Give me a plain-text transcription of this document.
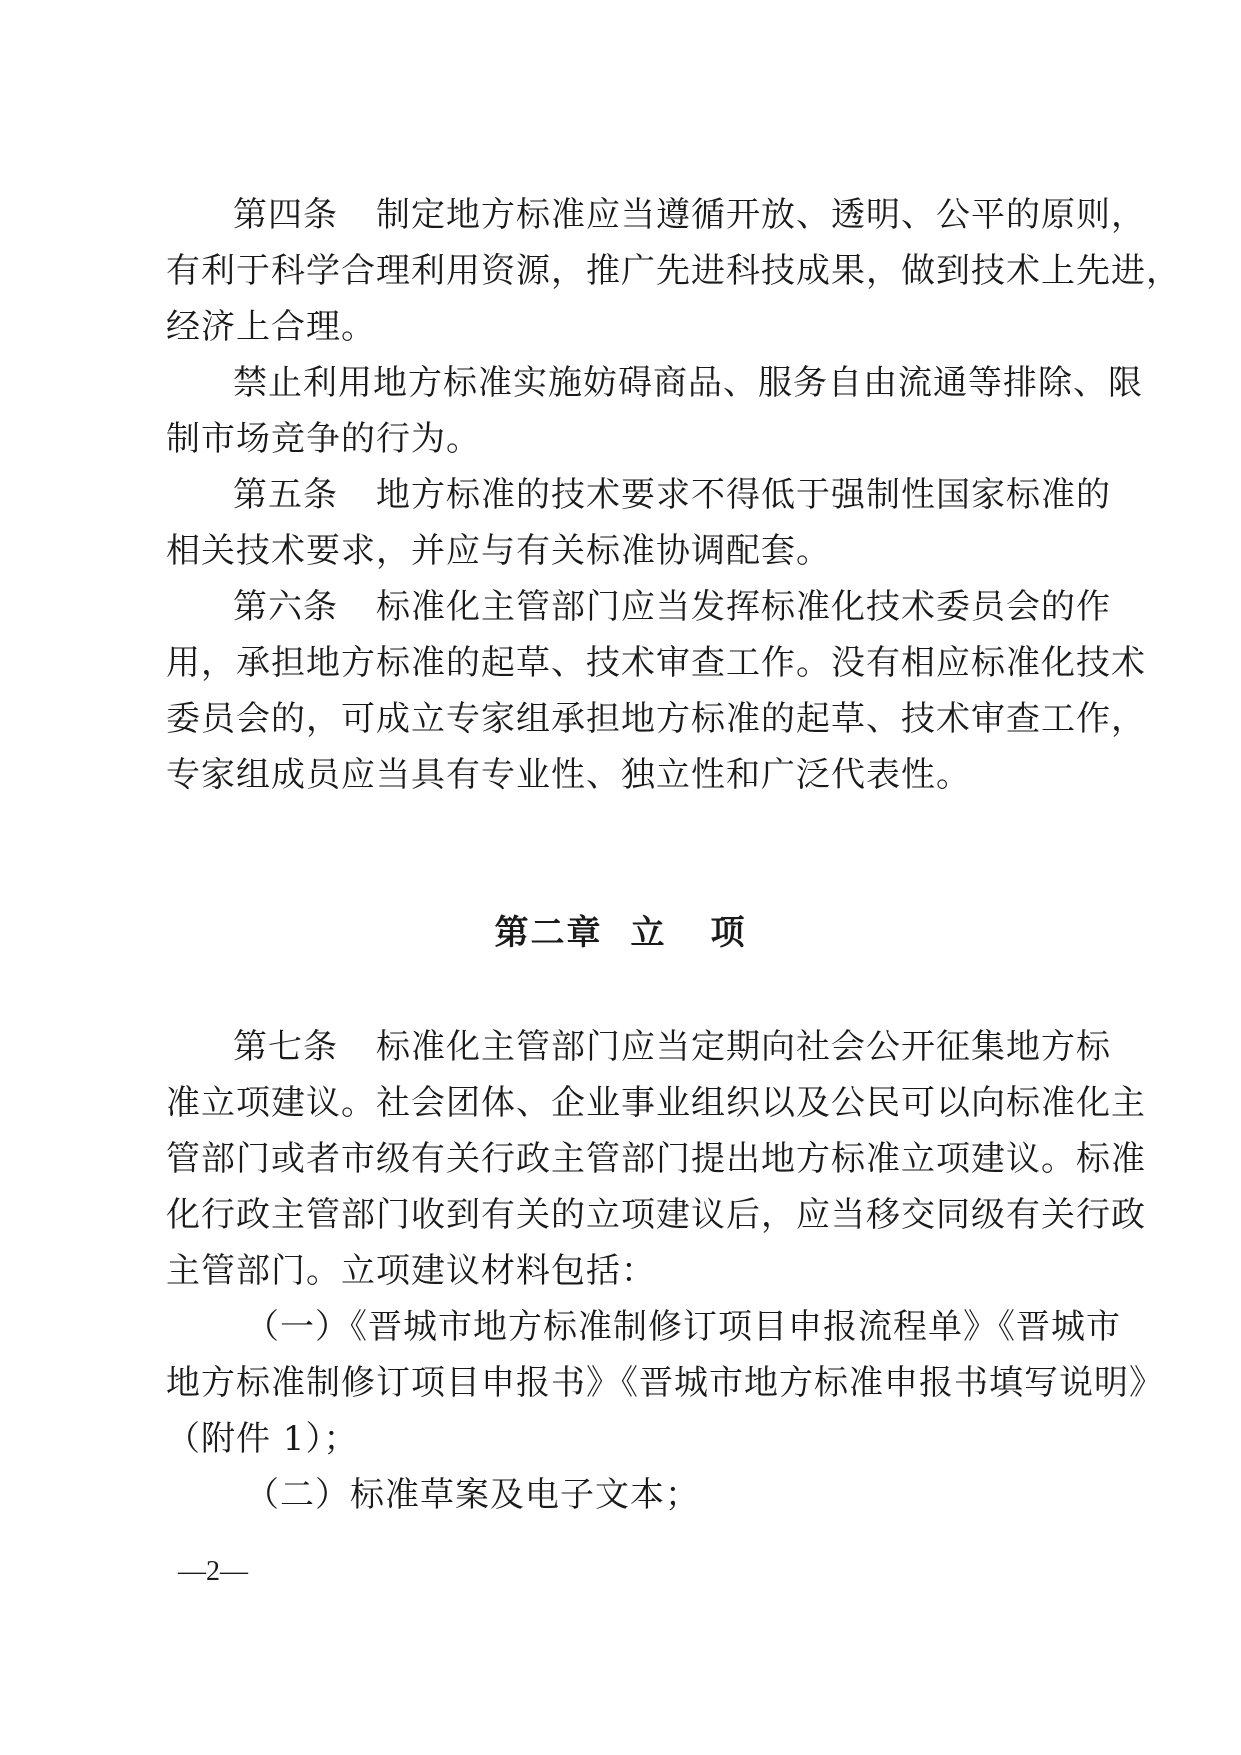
第四条 制定地方标准应当遵循开放、透明、公平的原则，
有利于科学合理利用资源，推广先进科技成果，做到技术上先进，
经济上合理。
禁止利用地方标准实施妨碍商品、服务自由流通等排除、限
制市场竞争的行为。
第五条 地方标准的技术要求不得低于强制性国家标准的
相关技术要求，并应与有关标准协调配套。
第六条 标准化主管部门应当发挥标准化技术委员会的作
用，承担地方标准的起草、技术审查工作。没有相应标准化技术
委员会的，可成立专家组承担地方标准的起草、技术审查工作，
专家组成员应当具有专业性、独立性和广泛代表性。
第二章 立 项
第七条 标准化主管部门应当定期向社会公开征集地方标
准立项建议。社会团体、企业事业组织以及公民可以向标准化主
管部门或者市级有关行政主管部门提出地方标准立项建议。标准
化行政主管部门收到有关的立项建议后，应当移交同级有关行政
主管部门。立项建议材料包括：
（一）《晋城市地方标准制修订项目申报流程单》《晋城市
地方标准制修订项目申报书》《晋城市地方标准申报书填写说明》
（附件 1）；
（二）标准草案及电子文本；
—2—
